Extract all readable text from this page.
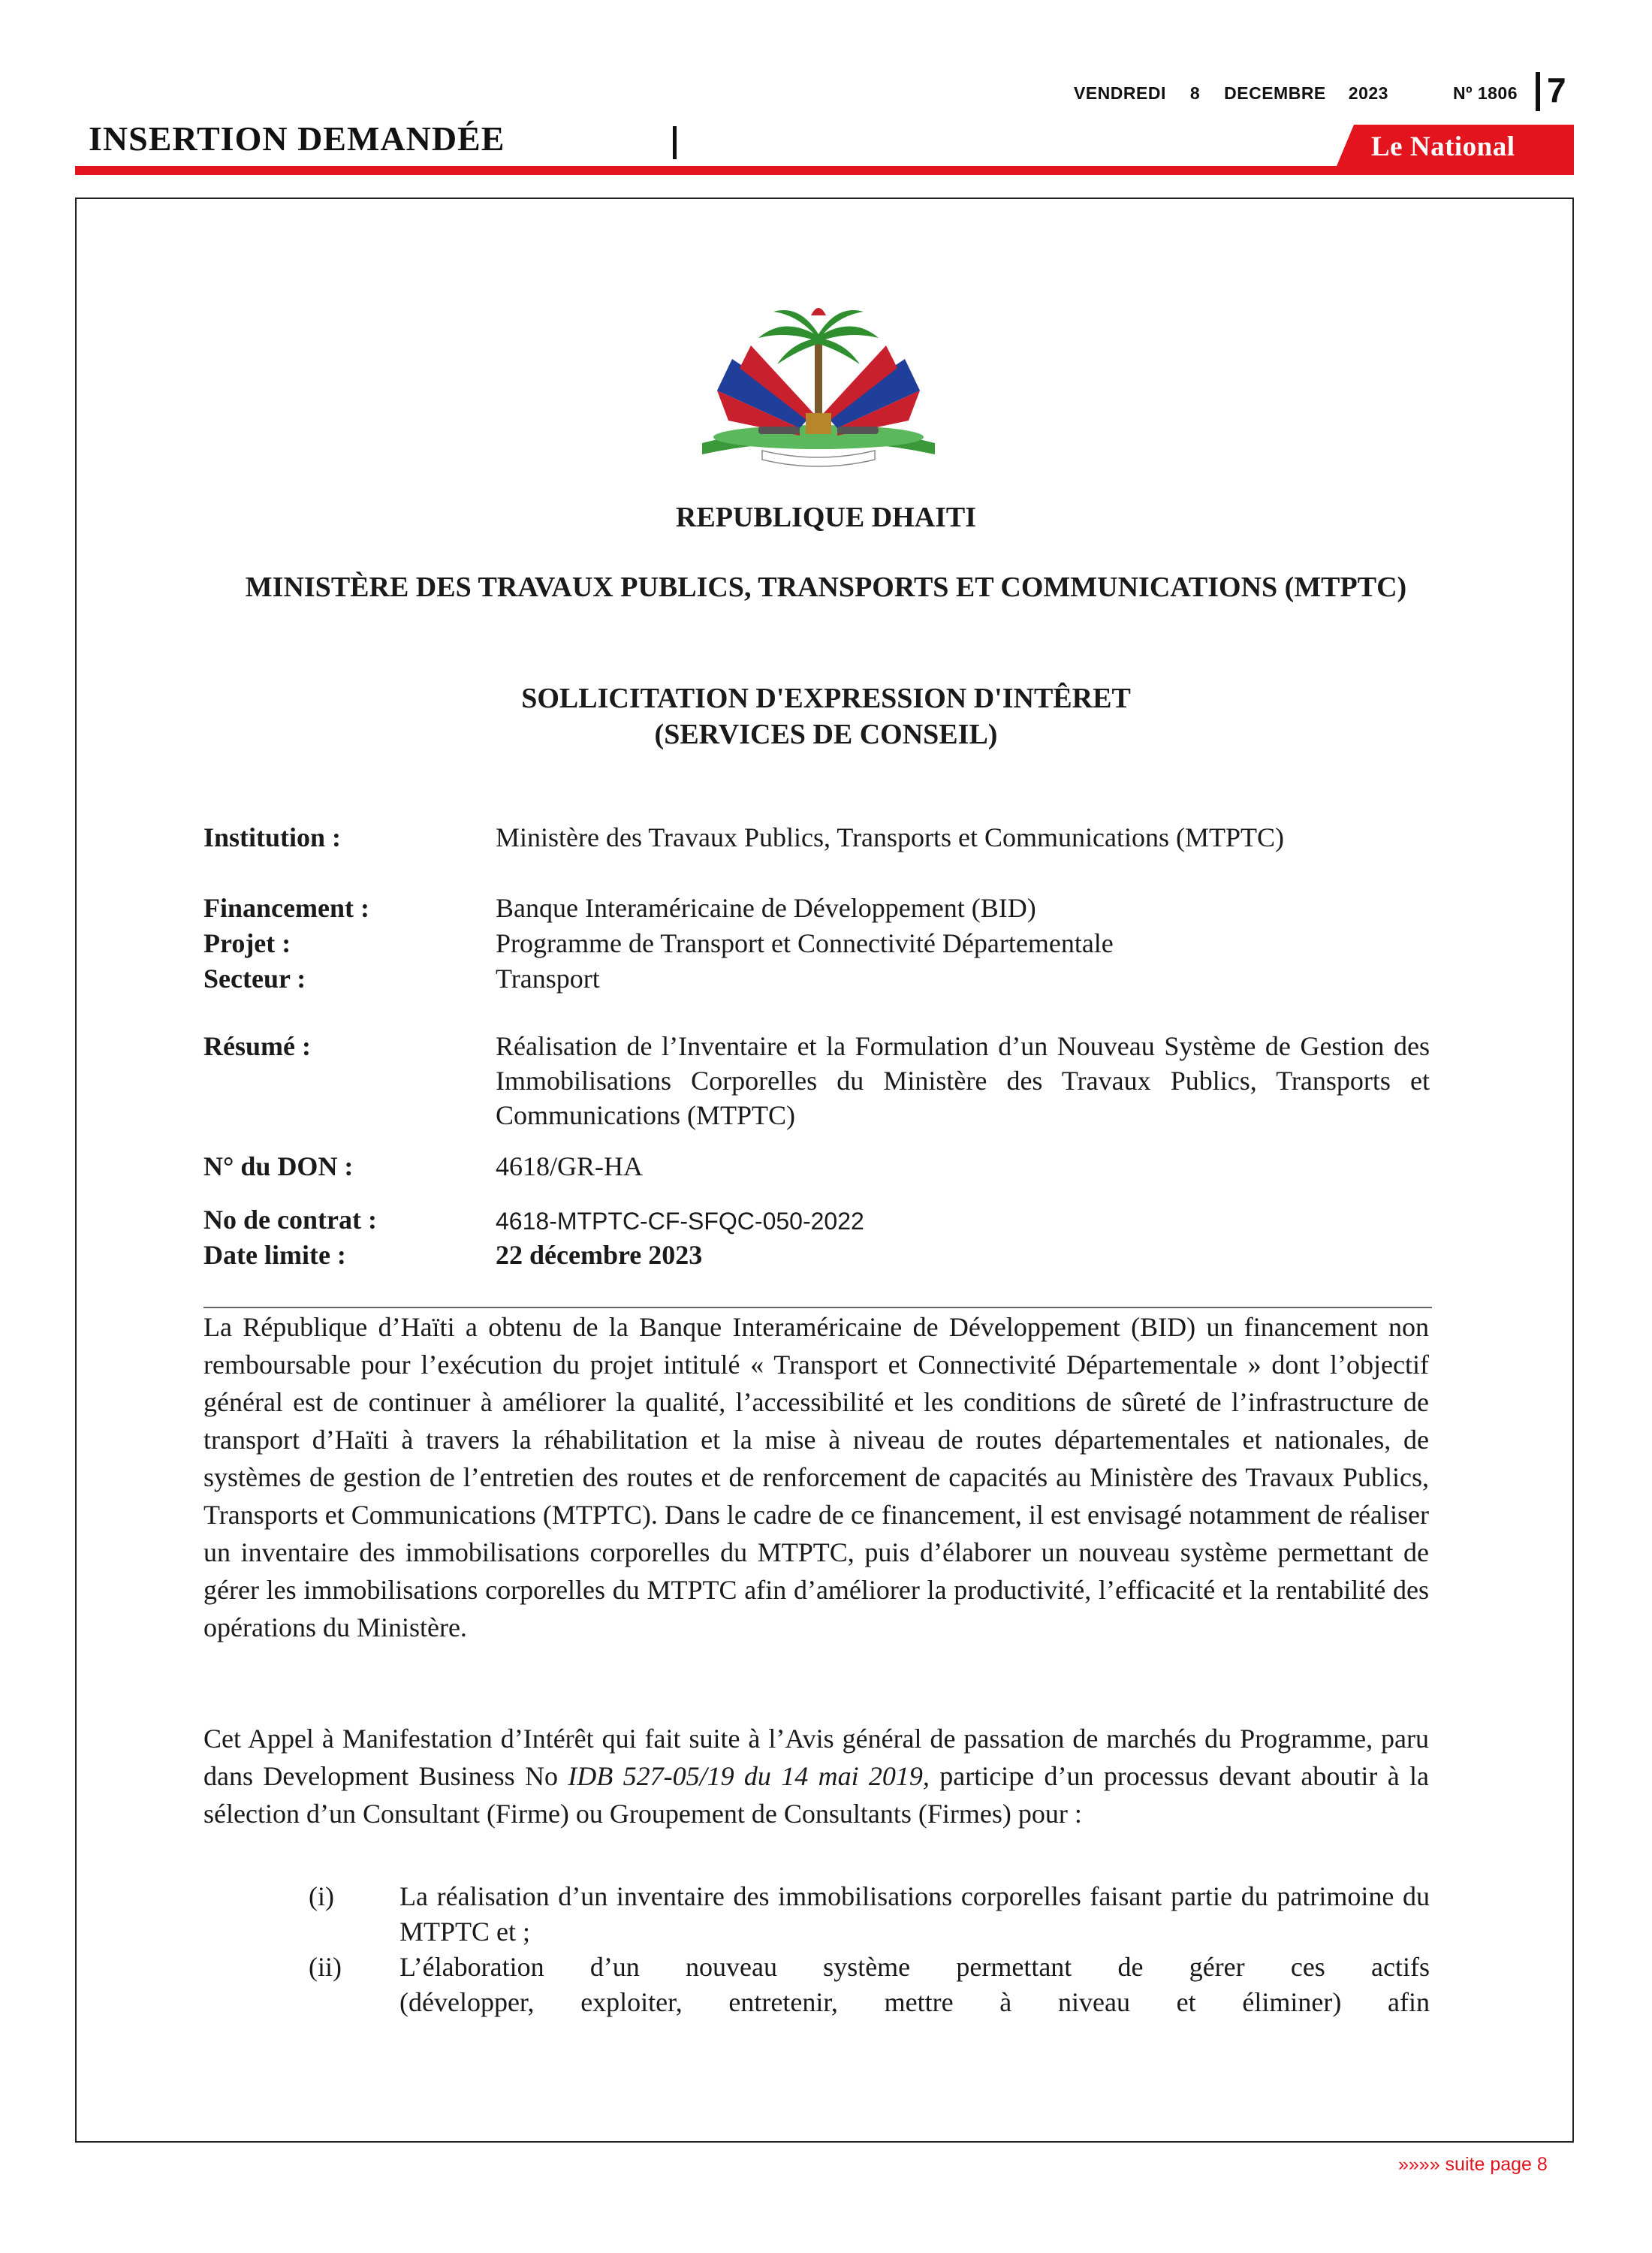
VENDREDI 8 DECEMBRE 2023	Nº 1806 7
INSERTION DEMANDÉE	Le National
REPUBLIQUE DHAITI
MINISTÈRE DES TRAVAUX PUBLICS, TRANSPORTS ET COMMUNICATIONS (MTPTC)
SOLLICITATION D'EXPRESSION D'INTÊRET
(SERVICES DE CONSEIL)
Institution :	Ministère des Travaux Publics, Transports et Communications (MTPTC)
Financement :	Banque Interaméricaine de Développement (BID)
Projet :	Programme de Transport et Connectivité Départementale
Secteur :	Transport
Résumé :	Réalisation de l’Inventaire et la Formulation d’un Nouveau Système de Gestion des Immobilisations Corporelles du Ministère des Travaux Publics, Transports et Communications (MTPTC)
N° du DON :	4618/GR-HA
No de contrat :	4618-MTPTC-CF-SFQC-050-2022
Date limite :	22 décembre 2023
La République d’Haïti a obtenu de la Banque Interaméricaine de Développement (BID) un financement non remboursable pour l’exécution du projet intitulé « Transport et Connectivité Départementale » dont l’objectif général est de continuer à améliorer la qualité, l’accessibilité et les conditions de sûreté de l’infrastructure de transport d’Haïti à travers la réhabilitation et la mise à niveau de routes départementales et nationales, de systèmes de gestion de l’entretien des routes et de renforcement de capacités au Ministère des Travaux Publics, Transports et Communications (MTPTC). Dans le cadre de ce financement, il est envisagé notamment de réaliser un inventaire des immobilisations corporelles du MTPTC, puis d’élaborer un nouveau système permettant de gérer les immobilisations corporelles du MTPTC afin d’améliorer la productivité, l’efficacité et la rentabilité des opérations du Ministère.
Cet Appel à Manifestation d’Intérêt qui fait suite à l’Avis général de passation de marchés du Programme, paru dans Development Business No IDB 527-05/19 du 14 mai 2019, participe d’un processus devant aboutir à la sélection d’un Consultant (Firme) ou Groupement de Consultants (Firmes) pour :
(i) La réalisation d’un inventaire des immobilisations corporelles faisant partie du patrimoine du MTPTC et ;
(ii) L’élaboration d’un nouveau système permettant de gérer ces actifs
(développer, exploiter, entretenir, mettre à niveau et éliminer) afin
»»»» suite page 8
